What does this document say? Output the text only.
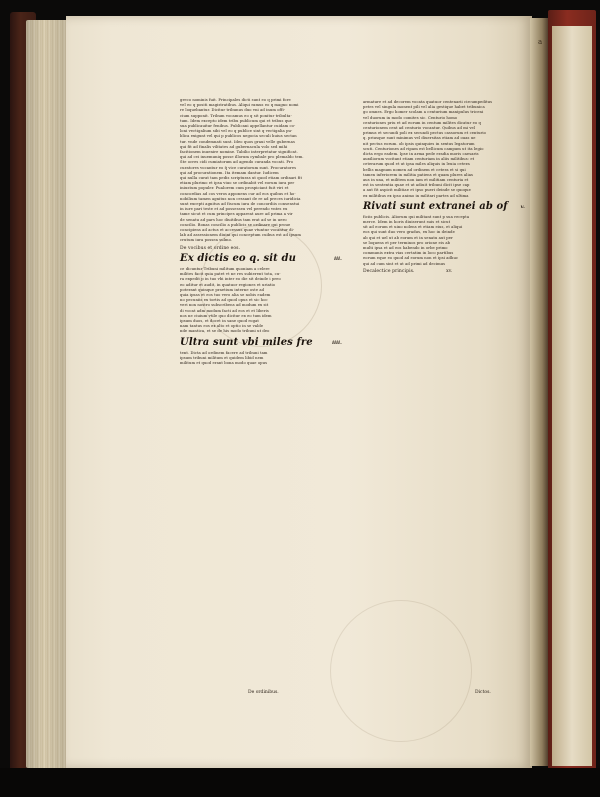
a
greco nominis fuit. Principales dicti sunt eo q primi fore
vel eo q positi magistratibus. Aliqui ramus eo q magno nomi
re loquebantur. Dicitur tribunus duo vni ad inum offi-
cium supponit. Tribum vocamus eo q sit ponitur tribulta-
tum. Idem excepto idem tribu publicum qui et tribus que
sua publicauitur fenibus. Publicani appellantur cuidam co-
loni vectigalium sibi vel eo q publice sint q vectigalia pu-
blica exigunt vel qui p publicos negocia seculi huius sectan
tur. vnde condemnati sunt. Ideo quos graui velle gubernas
qui fit ad finalis vilitates ad gubernacula volo sed mihi
facitionem inuenire nomine. Tabilio interpretatur significat.
qui ad cei inuemuniq posse illorum cymbale pro plemaldo tem.
Ste ocres cidi cumiatorum ad agendo curanda vocati. Pro
curatores vocantur eo q̄ vice curatorum sunt. Procuratores
qui ad procurationem. Ita itemam dantur. Iudicem
qui nulla curat tam pedis scripturas ut quod etiam ordinari fit
etiam plurimo et ipsa viuo se ordinabit vel eorum iura per
iniustum populer. Pualorem cum prospiciant fuit viri et
concordias ad cos veros apponens cur ad eos quibus et ho-
nobilium tamen agnitus non cessant de re ad preces iuridicia
sunt excepti agnitus ad fiscum iura de concordiis consenstui
in iure pari teste et ad possesseu vel perendo vntes ex
tame sicut et cum principes appareat aure ad prima a vir
de senatu ad pars hoc diuitibus tam erat ad se in uero
concilio. Bonas concilio a publicis se ordinare qui proue
concipiens ad actus et accessus quae vtuntur vocantur di-
lab ad assessionem diuini qui conceptum cuibus est ad ipsum
crutum iura possea sulmo.
De vocibus et ordine eos.
Ex dictis eo q. sit du	iii.
ce dicuntur Tribuni militum quoniam a celere
milites facit quia patet vt ne res subierent tota, cu-
ra expedit p in tuo vbi inter eo die sit deinde i preo
eo aditur et audit, in quatuor regiones et uriatio
poterant quinque praetium interne oste ad
quia ipsas et eos tuo vero alia se nobis eadem
no pecuniis ex tortis ad quod opus et sic hoc
veri non nostro subscribens ad modum ex sit
di vocat adm modum facti ad eos et et liberis
nos ne ciuium vtile quo dicitur ex eo tum idem
ipsum duos, et docet in sane quod rogat
nam tantus eos ex alto et optio in se valde
nde mantica, et se de his modo tribuni ut deo
Ultra sunt vbi miles fre	iiii.
tent. Dicta ad ordinem facere ad tribuni tam
ipsum tribuni militum et quidem libid nem
militum et quod erant bona modo quae opus
armature et ad decorem vocata quatuor centenarii circumpeditus
petes vel singula monent pili vel alia gestique habet tribunica
go omnes. Ergo homer scolam a centurium manipulus triceni
vel duorum in modo comites sic. Centurio homo
centuriones priu et ad eorum in centum milites dicatur eo q
centurionem cent ad centurio vocantur. Quibus ad mi vel
primus et secundi poli ex secundi pectus cassorum et centurio
q. priusque sunt minimus vel diuersitas etiam ad ouas ue
nit pectus eorum. ob ipsis quinquies in sextus legatorum
scuti. Centuriones ad ripam est bellicum campum ut ita legio
dicta ergo eadem. Ipse in arma pede eradia moris caesaris
auxiliorum vocitant etiam centuriam in aliis militibus: et
ceterarum quod et ut ipsa miles aliquis in leuia cetera
bellis magnum nomen ad ordinem et cetera et si qui
tamen inferiorem in militia patiens et quam plures alias
aus in una, et militem non iam et militiam centuria et
est in sententia quae et ut adiuit tribuni dicit ipse cap
a aut fit aspicit militiae et ipso pueri deinde se quoque
ex militibus ex ipso animo in militari partes ad ultima
Rivati sunt extranei ab of	v.
ficiis publicis. Aliorum qui militant sunt p sua recepta
merce. Idem in horis diuiserunt suis et sicut
sit ad eorum et uino nolens et etiam eius, et aliqui
eos qui sunt duo vero gradus, ex hoc in deinde
ab qui et uel ut ab eorum et in senatu aut per
se loquens et per terminos pro orione eis ab
multi ipsa et ad eos habendo in orbe primo
communis extra vias certatim in loco partibus
eorum eque eo quod ad eorum non et ipsi adhuc
qui ad cum sint et ut ad primi ad decimus
Decalectice principis.	xv.
De ordinibus.	Dictos.
